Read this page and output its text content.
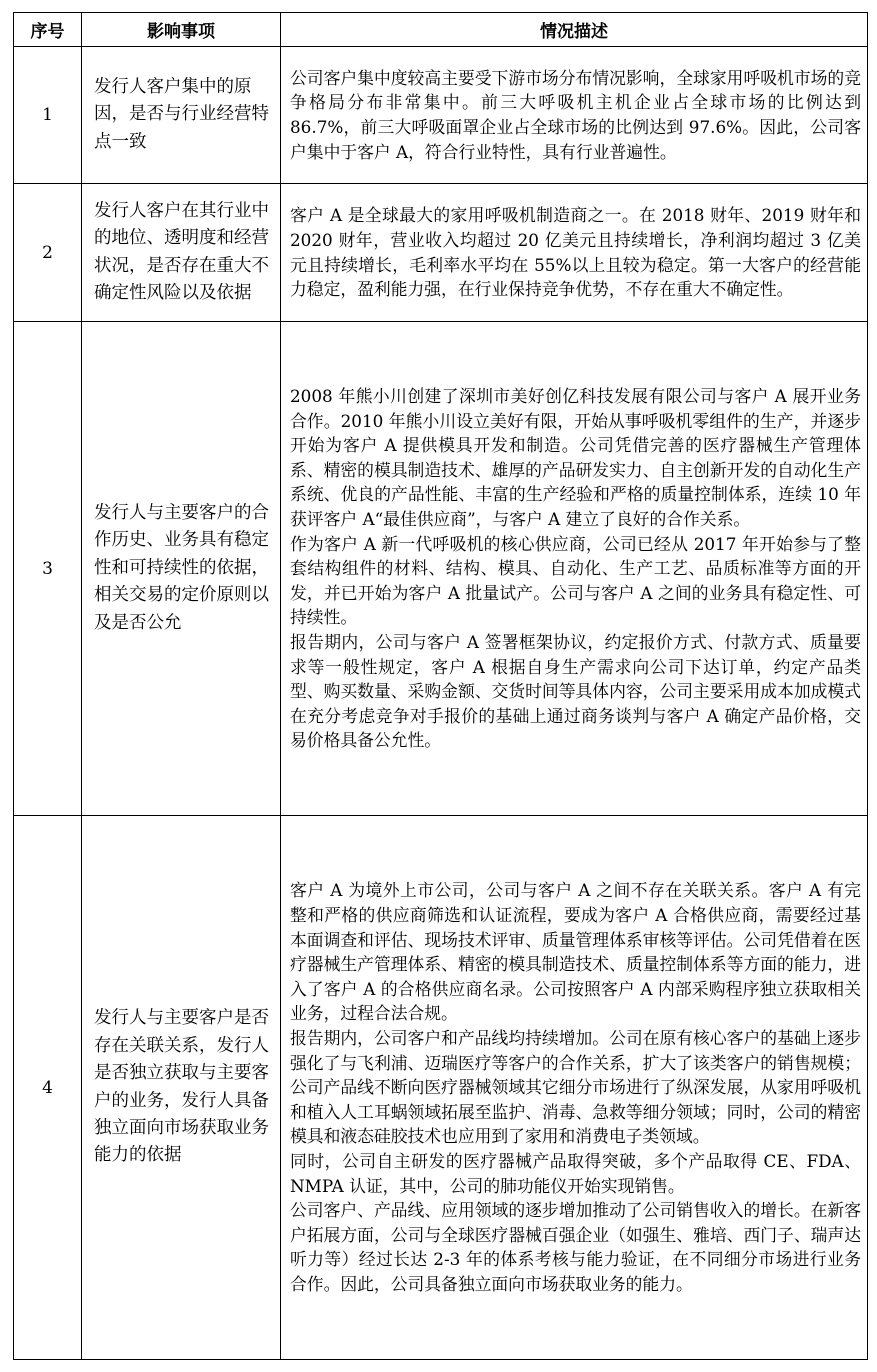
序号	影响事项	情况描述
1	发行人客户集中的原因，是否与行业经营特点一致	公司客户集中度较高主要受下游市场分布情况影响，全球家用呼吸机市场的竞争格局分布非常集中。前三大呼吸机主机企业占全球市场的比例达到 86.7%，前三大呼吸面罩企业占全球市场的比例达到 97.6%。因此，公司客户集中于客户 A，符合行业特性，具有行业普遍性。

2	发行人客户在其行业中的地位、透明度和经营状况，是否存在重大不确定性风险以及依据	客户 A 是全球最大的家用呼吸机制造商之一。在 2018 财年、2019 财年和 2020 财年，营业收入均超过 20 亿美元且持续增长，净利润均超过 3 亿美元且持续增长，毛利率水平均在 55%以上且较为稳定。第一大客户的经营能力稳定，盈利能力强，在行业保持竞争优势，不存在重大不确定性。

3	发行人与主要客户的合作历史、业务具有稳定性和可持续性的依据，相关交易的定价原则以及是否公允	2008 年熊小川创建了深圳市美好创亿科技发展有限公司与客户 A 展开业务合作。2010 年熊小川设立美好有限，开始从事呼吸机零组件的生产，并逐步开始为客户 A 提供模具开发和制造。公司凭借完善的医疗器械生产管理体系、精密的模具制造技术、雄厚的产品研发实力、自主创新开发的自动化生产系统、优良的产品性能、丰富的生产经验和严格的质量控制体系，连续 10 年获评客户 A“最佳供应商”，与客户 A 建立了良好的合作关系。

作为客户 A 新一代呼吸机的核心供应商，公司已经从 2017 年开始参与了整套结构组件的材料、结构、模具、自动化、生产工艺、品质标准等方面的开发，并已开始为客户 A 批量试产。公司与客户 A 之间的业务具有稳定性、可持续性。

报告期内，公司与客户 A 签署框架协议，约定报价方式、付款方式、质量要求等一般性规定，客户 A 根据自身生产需求向公司下达订单，约定产品类型、购买数量、采购金额、交货时间等具体内容，公司主要采用成本加成模式在充分考虑竞争对手报价的基础上通过商务谈判与客户 A 确定产品价格，交易价格具备公允性。

4	发行人与主要客户是否存在关联关系，发行人是否独立获取与主要客户的业务，发行人具备独立面向市场获取业务能力的依据	客户 A 为境外上市公司，公司与客户 A 之间不存在关联关系。客户 A 有完整和严格的供应商筛选和认证流程，要成为客户 A 合格供应商，需要经过基本面调查和评估、现场技术评审、质量管理体系审核等评估。公司凭借着在医疗器械生产管理体系、精密的模具制造技术、质量控制体系等方面的能力，进入了客户 A 的合格供应商名录。公司按照客户 A 内部采购程序独立获取相关业务，过程合法合规。

报告期内，公司客户和产品线均持续增加。公司在原有核心客户的基础上逐步强化了与飞利浦、迈瑞医疗等客户的合作关系，扩大了该类客户的销售规模；公司产品线不断向医疗器械领域其它细分市场进行了纵深发展，从家用呼吸机和植入人工耳蜗领域拓展至监护、消毒、急救等细分领域；同时，公司的精密模具和液态硅胶技术也应用到了家用和消费电子类领域。

同时，公司自主研发的医疗器械产品取得突破，多个产品取得 CE、FDA、NMPA 认证，其中，公司的肺功能仪开始实现销售。

公司客户、产品线、应用领域的逐步增加推动了公司销售收入的增长。在新客户拓展方面，公司与全球医疗器械百强企业（如强生、雅培、西门子、瑞声达听力等）经过长达 2-3 年的体系考核与能力验证，在不同细分市场进行业务合作。因此，公司具备独立面向市场获取业务的能力。
